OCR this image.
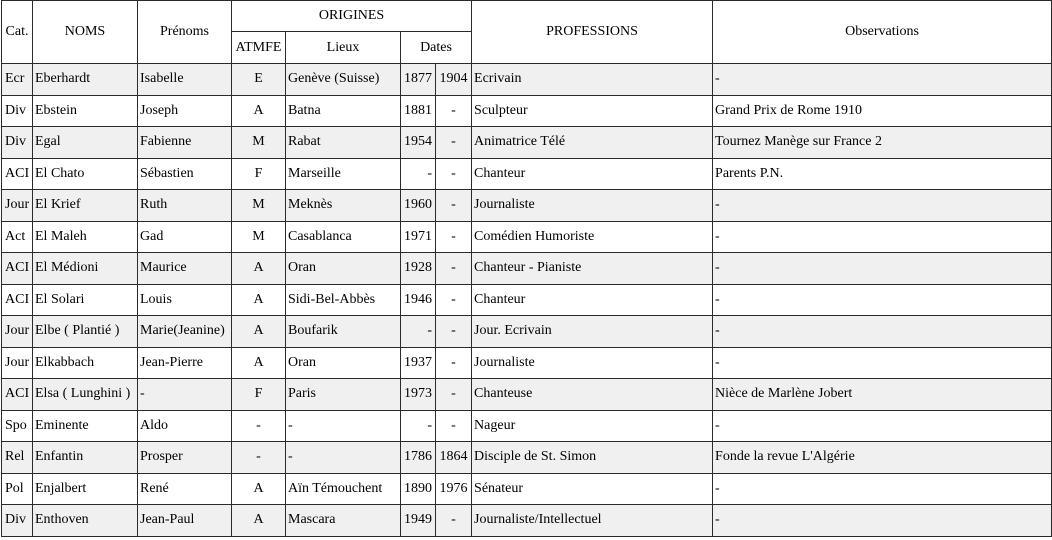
Cat.	NOMS	Prénoms	ORIGINES				PROFESSIONS	Observations
			ATMFE	Lieux	Dates			
Ecr	Eberhardt	Isabelle	E	Genève (Suisse)	1877	1904	Ecrivain	-
Div	Ebstein	Joseph	A	Batna	1881	-	Sculpteur	Grand Prix de Rome 1910
Div	Egal	Fabienne	M	Rabat	1954	-	Animatrice Télé	Tournez Manège sur France 2
ACI	El Chato	Sébastien	F	Marseille	-	-	Chanteur	Parents P.N.
Jour	El Krief	Ruth	M	Meknès	1960	-	Journaliste	-
Act	El Maleh	Gad	M	Casablanca	1971	-	Comédien Humoriste	-
ACI	El Médioni	Maurice	A	Oran	1928	-	Chanteur - Pianiste	-
ACI	El Solari	Louis	A	Sidi-Bel-Abbès	1946	-	Chanteur	-
Jour	Elbe ( Plantié )	Marie(Jeanine)	A	Boufarik	-	-	Jour. Ecrivain	-
Jour	Elkabbach	Jean-Pierre	A	Oran	1937	-	Journaliste	-
ACI	Elsa ( Lunghini )	-	F	Paris	1973	-	Chanteuse	Nièce de Marlène Jobert
Spo	Eminente	Aldo	-	-	-	-	Nageur	-
Rel	Enfantin	Prosper	-	-	1786	1864	Disciple de St. Simon	Fonde la revue L'Algérie
Pol	Enjalbert	René	A	Aïn Témouchent	1890	1976	Sénateur	-
Div	Enthoven	Jean-Paul	A	Mascara	1949	-	Journaliste/Intellectuel	-
